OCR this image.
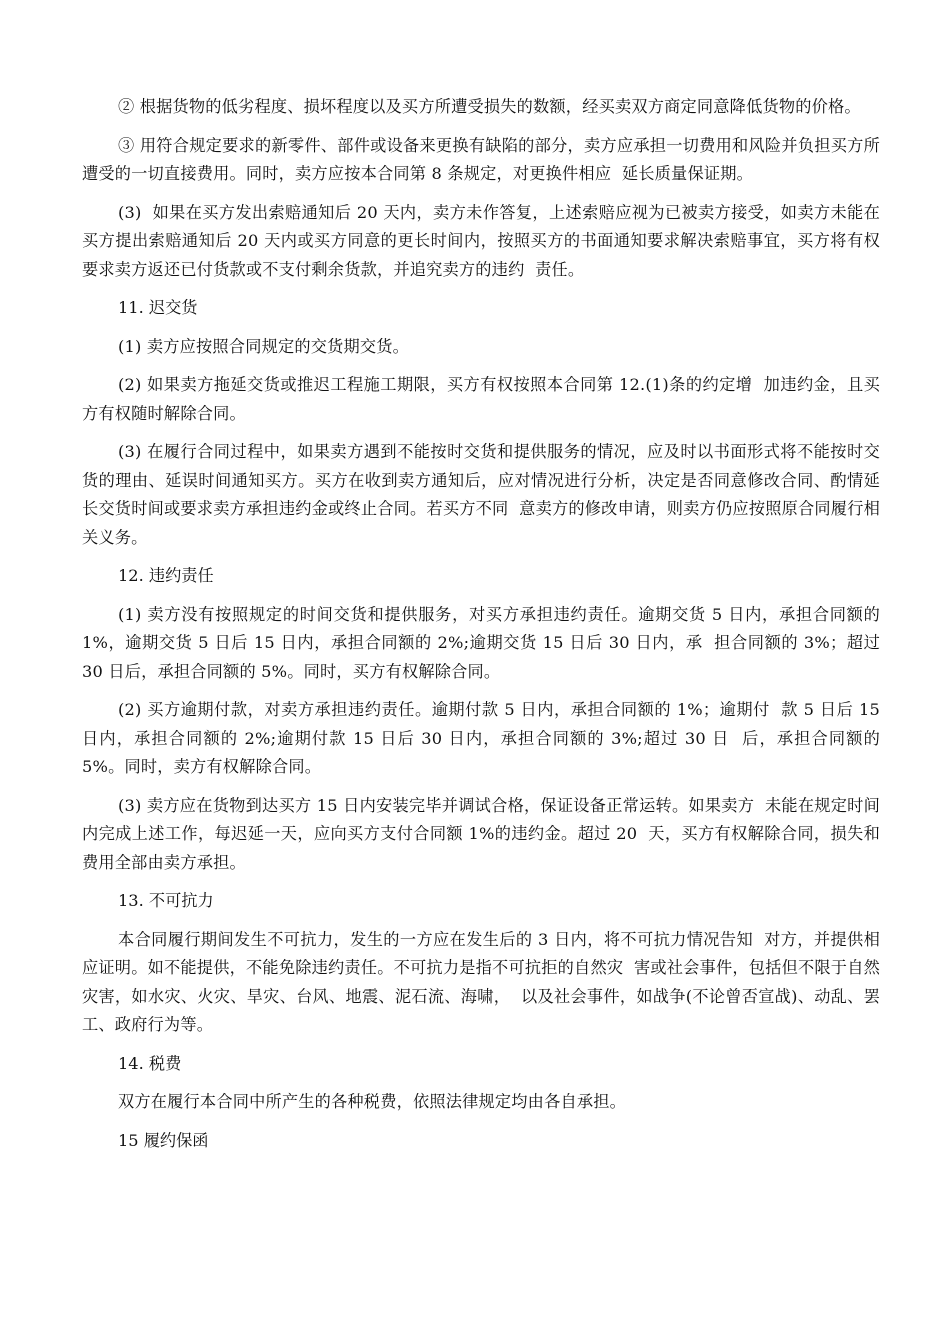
② 根据货物的低劣程度、损坏程度以及买方所遭受损失的数额，经买卖双方商定同意降低货物的价格。

③ 用符合规定要求的新零件、部件或设备来更换有缺陷的部分，卖方应承担一切费用和风险并负担买方所遭受的一切直接费用。同时，卖方应按本合同第 8 条规定，对更换件相应  延长质量保证期。

(3)  如果在买方发出索赔通知后 20 天内，卖方未作答复，上述索赔应视为已被卖方接受，如卖方未能在买方提出索赔通知后 20 天内或买方同意的更长时间内，按照买方的书面通知要求解决索赔事宜，买方将有权要求卖方返还已付货款或不支付剩余货款，并追究卖方的违约  责任。

11. 迟交货

(1) 卖方应按照合同规定的交货期交货。

(2) 如果卖方拖延交货或推迟工程施工期限，买方有权按照本合同第 12.(1)条的约定增  加违约金，且买方有权随时解除合同。

(3) 在履行合同过程中，如果卖方遇到不能按时交货和提供服务的情况，应及时以书面形式将不能按时交货的理由、延误时间通知买方。买方在收到卖方通知后，应对情况进行分析，决定是否同意修改合同、酌情延长交货时间或要求卖方承担违约金或终止合同。若买方不同  意卖方的修改申请，则卖方仍应按照原合同履行相关义务。

12. 违约责任

(1) 卖方没有按照规定的时间交货和提供服务，对买方承担违约责任。逾期交货 5 日内，承担合同额的 1%，逾期交货 5 日后 15 日内，承担合同额的 2%;逾期交货 15 日后 30 日内，承  担合同额的 3%；超过 30 日后，承担合同额的 5%。同时，买方有权解除合同。

(2) 买方逾期付款，对卖方承担违约责任。逾期付款 5 日内，承担合同额的 1%；逾期付  款 5 日后 15 日内，承担合同额的 2%;逾期付款 15 日后 30 日内，承担合同额的 3%;超过 30 日  后，承担合同额的 5%。同时，卖方有权解除合同。

(3) 卖方应在货物到达买方 15 日内安装完毕并调试合格，保证设备正常运转。如果卖方  未能在规定时间内完成上述工作，每迟延一天，应向买方支付合同额 1%的违约金。超过 20  天，买方有权解除合同，损失和费用全部由卖方承担。

13. 不可抗力

本合同履行期间发生不可抗力，发生的一方应在发生后的 3 日内，将不可抗力情况告知  对方，并提供相应证明。如不能提供，不能免除违约责任。不可抗力是指不可抗拒的自然灾  害或社会事件，包括但不限于自然灾害，如水灾、火灾、旱灾、台风、地震、泥石流、海啸，  以及社会事件，如战争(不论曾否宣战)、动乱、罢工、政府行为等。

14. 税费

双方在履行本合同中所产生的各种税费，依照法律规定均由各自承担。

15 履约保函
